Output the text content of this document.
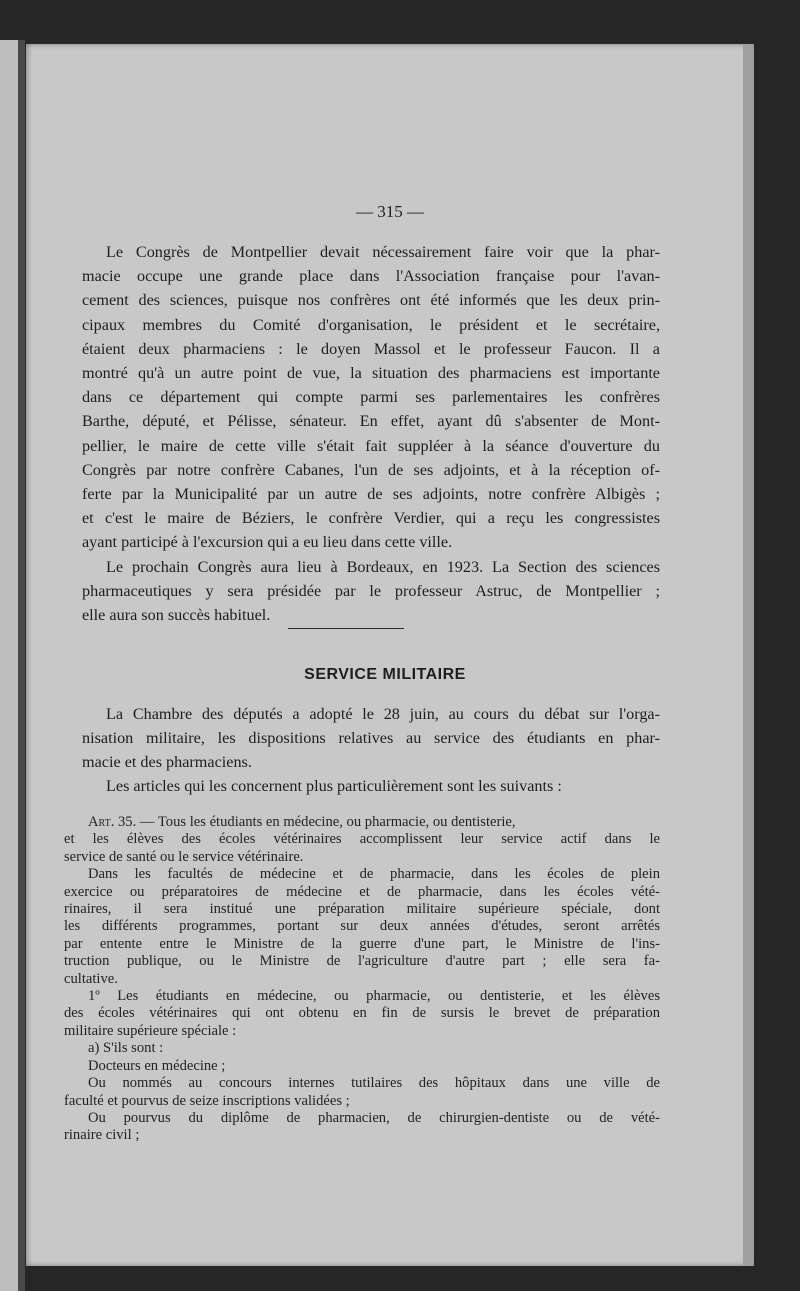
— 315 —

Le Congrès de Montpellier devait nécessairement faire voir que la phar-
macie occupe une grande place dans l'Association française pour l'avan-
cement des sciences, puisque nos confrères ont été informés que les deux prin-
cipaux membres du Comité d'organisation, le président et le secrétaire,
étaient deux pharmaciens : le doyen Massol et le professeur Faucon. Il a
montré qu'à un autre point de vue, la situation des pharmaciens est importante
dans ce département qui compte parmi ses parlementaires les confrères
Barthe, député, et Pélisse, sénateur. En effet, ayant dû s'absenter de Mont-
pellier, le maire de cette ville s'était fait suppléer à la séance d'ouverture du
Congrès par notre confrère Cabanes, l'un de ses adjoints, et à la réception of-
ferte par la Municipalité par un autre de ses adjoints, notre confrère Albigès ;
et c'est le maire de Béziers, le confrère Verdier, qui a reçu les congressistes
ayant participé à l'excursion qui a eu lieu dans cette ville.

Le prochain Congrès aura lieu à Bordeaux, en 1923. La Section des sciences
pharmaceutiques y sera présidée par le professeur Astruc, de Montpellier ;
elle aura son succès habituel.

SERVICE MILITAIRE
La Chambre des députés a adopté le 28 juin, au cours du débat sur l'orga-
nisation militaire, les dispositions relatives au service des étudiants en phar-
macie et des pharmaciens.
Les articles qui les concernent plus particulièrement sont les suivants :
Art. 35. — Tous les étudiants en médecine, ou pharmacie, ou dentisterie,
et les élèves des écoles vétérinaires accomplissent leur service actif dans le
service de santé ou le service vétérinaire.
Dans les facultés de médecine et de pharmacie, dans les écoles de plein
exercice ou préparatoires de médecine et de pharmacie, dans les écoles vété-
rinaires, il sera institué une préparation militaire supérieure spéciale, dont
les différents programmes, portant sur deux années d'études, seront arrêtés
par entente entre le Ministre de la guerre d'une part, le Ministre de l'ins-
truction publique, ou le Ministre de l'agriculture d'autre part ; elle sera fa-
cultative.
1º Les étudiants en médecine, ou pharmacie, ou dentisterie, et les élèves
des écoles vétérinaires qui ont obtenu en fin de sursis le brevet de préparation
militaire supérieure spéciale :
a) S'ils sont :
Docteurs en médecine ;
Ou nommés au concours internes tutilaires des hôpitaux dans une ville de
faculté et pourvus de seize inscriptions validées ;
Ou pourvus du diplôme de pharmacien, de chirurgien-dentiste ou de vété-
rinaire civil ;
